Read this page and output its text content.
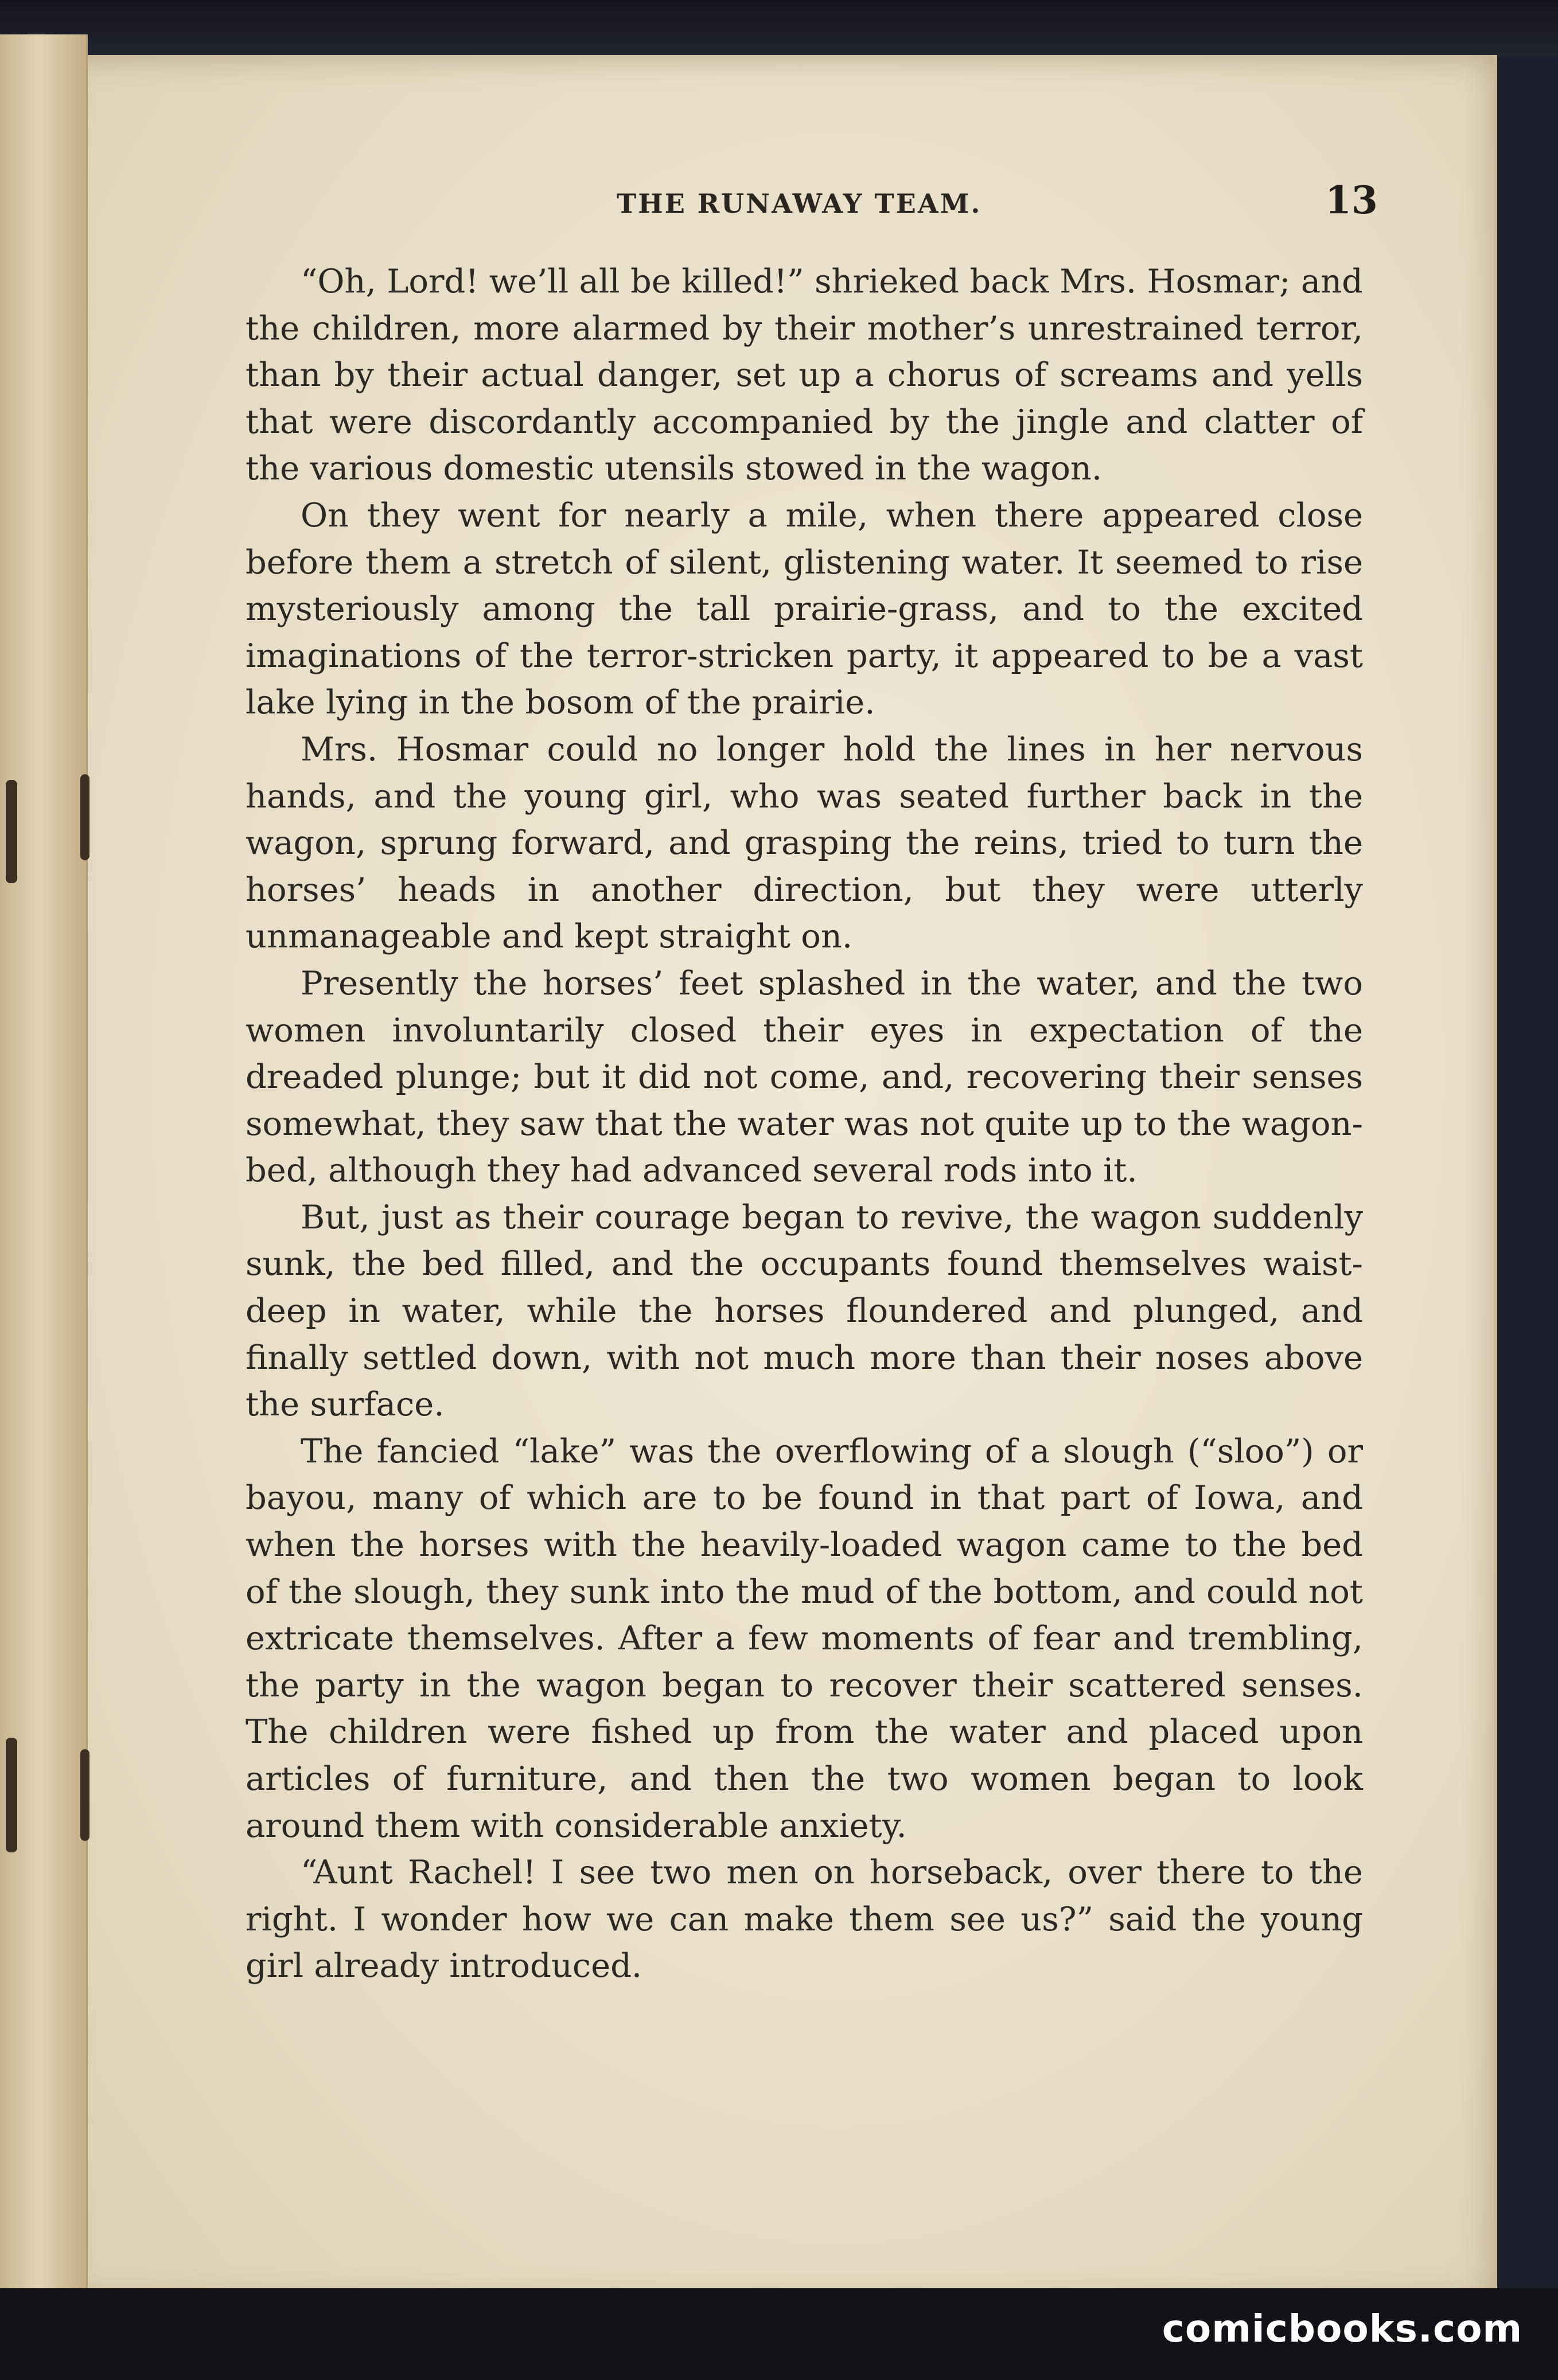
THE RUNAWAY TEAM.	13

“Oh, Lord! we’ll all be killed!” shrieked back Mrs. Hosmar; and the children, more alarmed by their mother’s unrestrained terror, than by their actual danger, set up a chorus of screams and yells that were discordantly accompanied by the jingle and clatter of the various domestic utensils stowed in the wagon.

On they went for nearly a mile, when there appeared close before them a stretch of silent, glistening water. It seemed to rise mysteriously among the tall prairie-grass, and to the excited imaginations of the terror-stricken party, it appeared to be a vast lake lying in the bosom of the prairie.

Mrs. Hosmar could no longer hold the lines in her nervous hands, and the young girl, who was seated further back in the wagon, sprung forward, and grasping the reins, tried to turn the horses’ heads in another direction, but they were utterly unmanageable and kept straight on.

Presently the horses’ feet splashed in the water, and the two women involuntarily closed their eyes in expectation of the dreaded plunge; but it did not come, and, recovering their senses somewhat, they saw that the water was not quite up to the wagon-bed, although they had advanced several rods into it.

But, just as their courage began to revive, the wagon suddenly sunk, the bed filled, and the occupants found themselves waist-deep in water, while the horses floundered and plunged, and finally settled down, with not much more than their noses above the surface.

The fancied “lake” was the overflowing of a slough (“sloo”) or bayou, many of which are to be found in that part of Iowa, and when the horses with the heavily-loaded wagon came to the bed of the slough, they sunk into the mud of the bottom, and could not extricate themselves. After a few moments of fear and trembling, the party in the wagon began to recover their scattered senses. The children were fished up from the water and placed upon articles of furniture, and then the two women began to look around them with considerable anxiety.

“Aunt Rachel! I see two men on horseback, over there to the right. I wonder how we can make them see us?” said the young girl already introduced.

comicbooks.com
